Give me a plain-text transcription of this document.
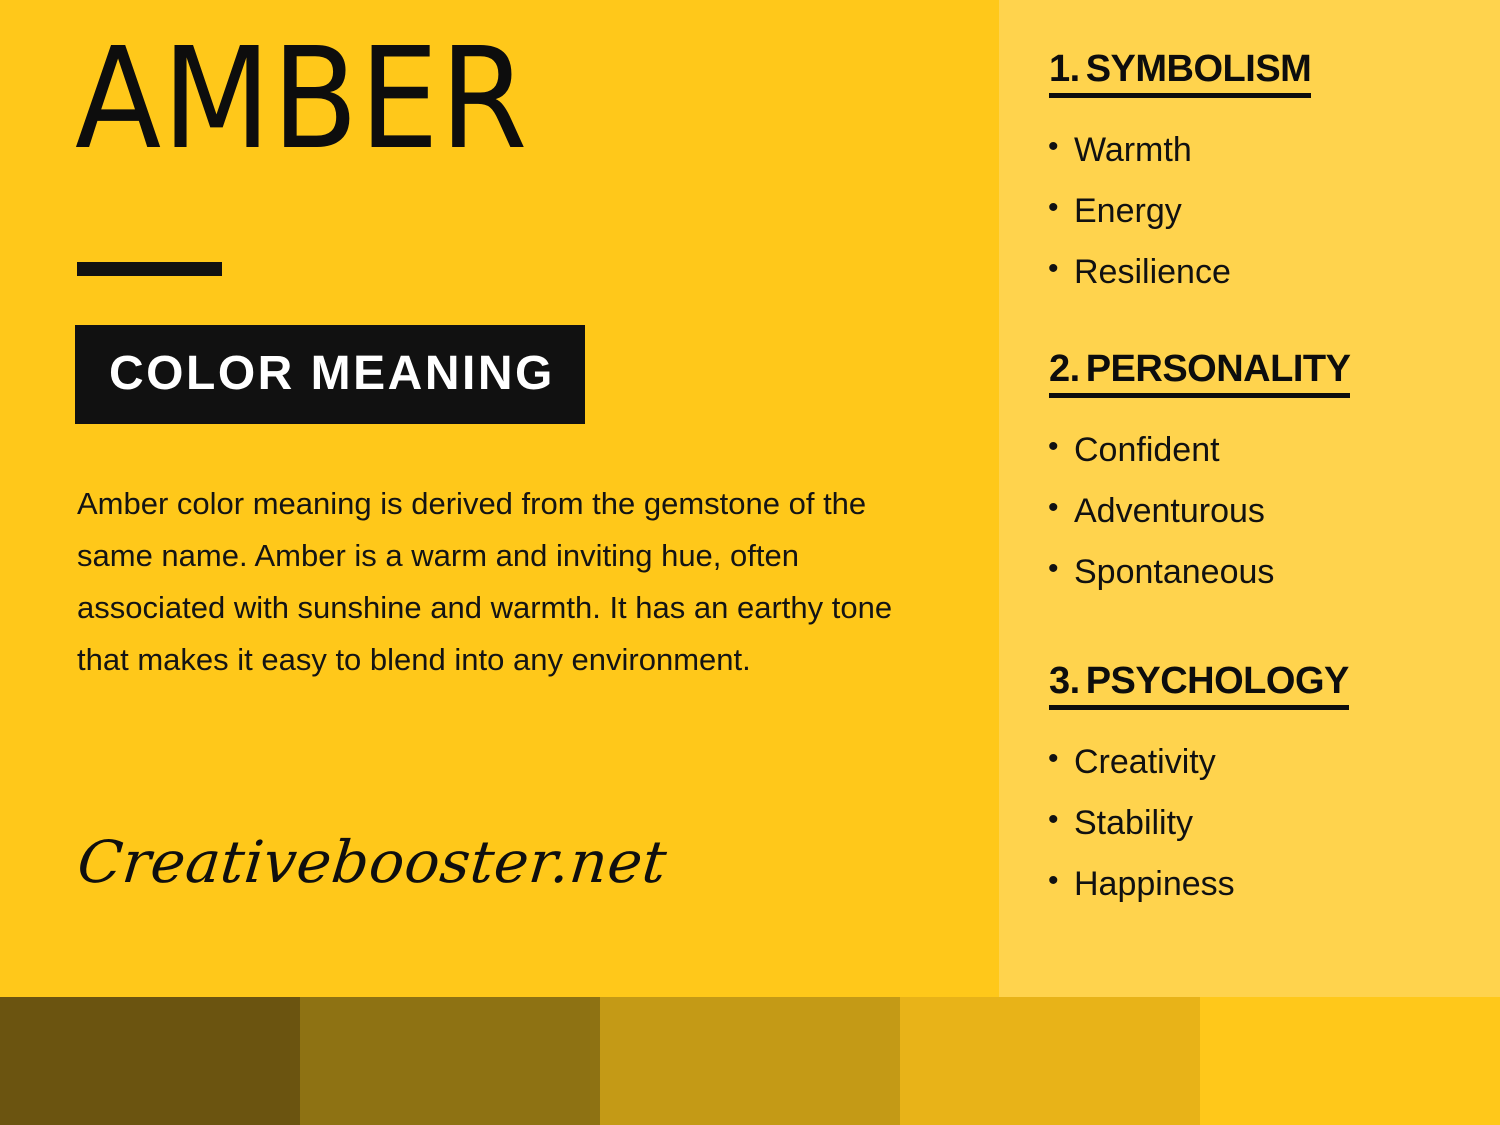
AMBER
COLOR MEANING
Amber color meaning is derived from the gemstone of the same name. Amber is a warm and inviting hue, often associated with sunshine and warmth. It has an earthy tone that makes it easy to blend into any environment.
Creativebooster.net
1. SYMBOLISM
• Warmth
• Energy
• Resilience
2. PERSONALITY
• Confident
• Adventurous
• Spontaneous
3. PSYCHOLOGY
• Creativity
• Stability
• Happiness
